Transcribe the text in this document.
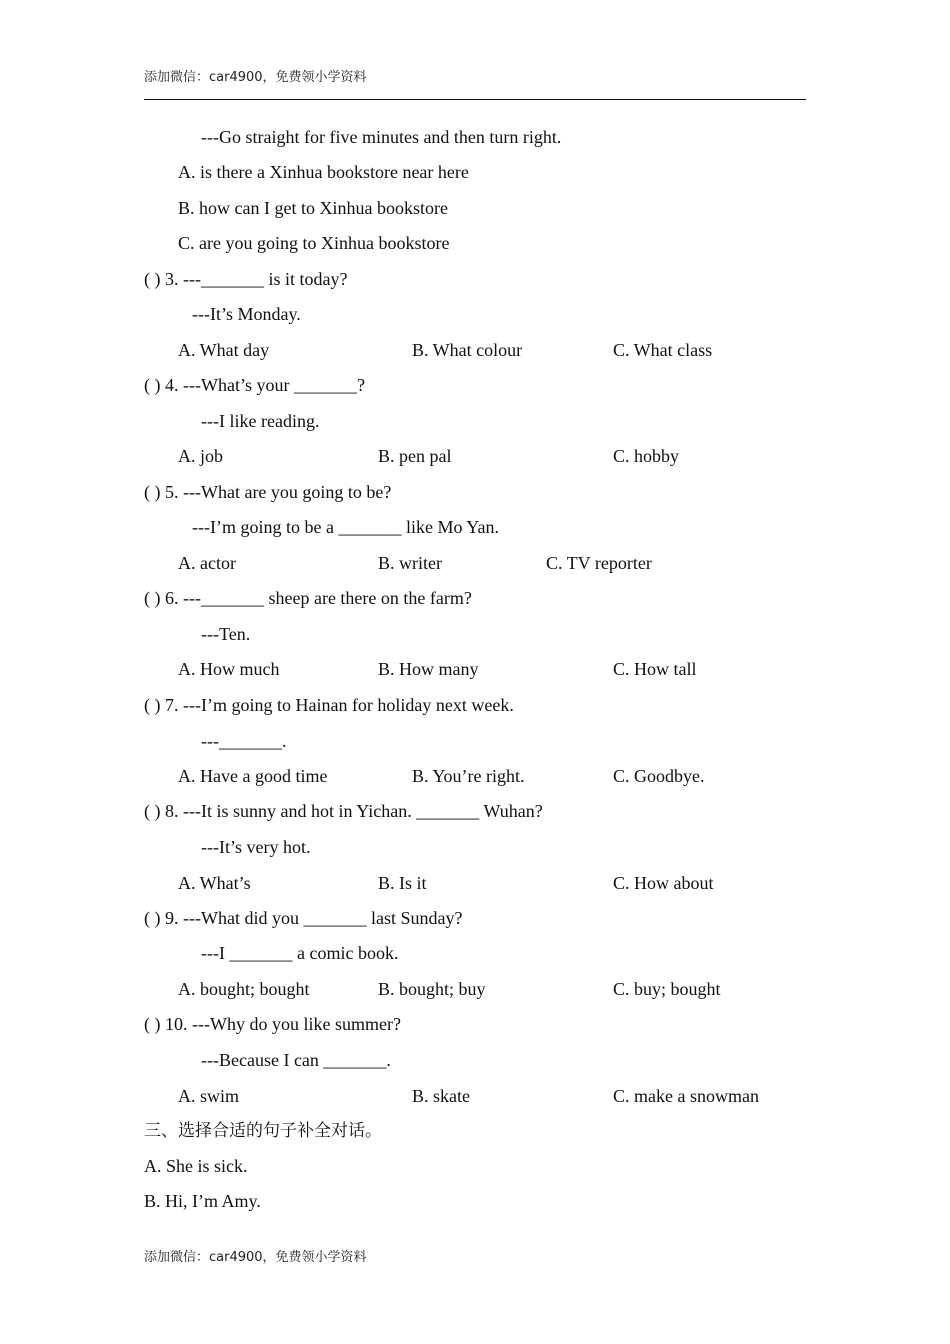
添加微信：car4900，免费领小学资料
---Go straight for five minutes and then turn right.
A. is there a Xinhua bookstore near here
B. how can I get to Xinhua bookstore
C. are you going to Xinhua bookstore
( ) 3. ---_______ is it today?
---It’s Monday.
A. What day	B. What colour	C. What class
( ) 4. ---What’s your _______?
---I like reading.
A. job	B. pen pal	C. hobby
( ) 5. ---What are you going to be?
---I’m going to be a _______ like Mo Yan.
A. actor	B. writer	C. TV reporter
( ) 6. ---_______ sheep are there on the farm?
---Ten.
A. How much	B. How many	C. How tall
( ) 7. ---I’m going to Hainan for holiday next week.
---_______.
A. Have a good time	B. You’re right.	C. Goodbye.
( ) 8. ---It is sunny and hot in Yichan. _______ Wuhan?
---It’s very hot.
A. What’s	B. Is it	C. How about
( ) 9. ---What did you _______ last Sunday?
---I _______ a comic book.
A. bought; bought	B. bought; buy	C. buy; bought
( ) 10. ---Why do you like summer?
---Because I can _______.
A. swim	B. skate	C. make a snowman
三、选择合适的句子补全对话。
A. She is sick.
B. Hi, I’m Amy.
添加微信：car4900，免费领小学资料
